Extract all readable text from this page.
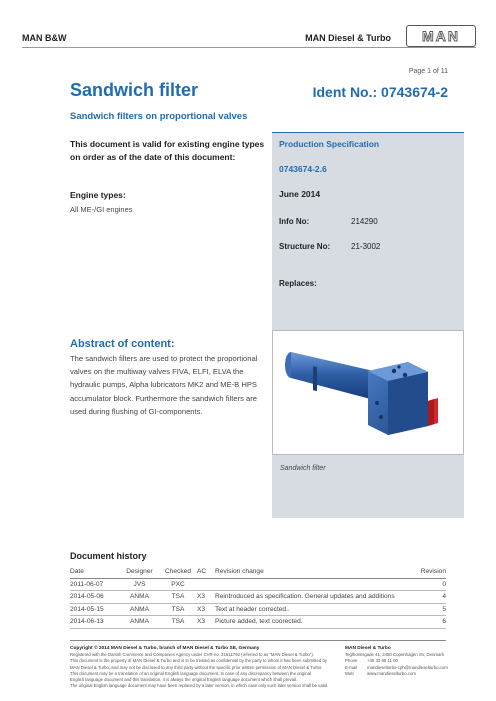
MAN B&W	MAN Diesel & Turbo MAN
Page 1 of 11
Sandwich filter	Ident No.: 0743674-2
Sandwich filters on proportional valves
This document is valid for existing engine types on order as of the date of this document:
Engine types:
All ME-/GI engines
Production Specification
0743674-2.6
June 2014
Info No:	214290
Structure No:	21-3002
Replaces:
Sandwich filter
Abstract of content:
The sandwich filters are used to protect the proportional valves on the multiway valves FIVA, ELFI, ELVA the hydraulic pumps, Alpha lubricators MK2 and ME-B HPS accumulator block. Furthermore the sandwich filters are used during flushing of GI-components.
Document history
Date	Designer	Checked	AC	Revision change	Revision
2011-06-07	JVS	PXC			0
2014-05-06	ANMA	TSA	X3	Reintroduced as specification. General updates and additions	4
2014-05-15	ANMA	TSA	X3	Text at header corrected..	5
2014-06-13	ANMA	TSA	X3	Picture added, text coorected.	6
Copyright © 2014 MAN Diesel & Turbo, branch of MAN Diesel & Turbo SE, Germany
Registered with the Danish Commerce and Companies Agency under CVR-no. 31611792 (referred to as "MAN Diesel & Turbo").
This document is the property of MAN Diesel & Turbo and is to be treated as confidential by the party to whom it has been submitted by
MAN Diesel & Turbo, and may not be disclosed to any third party without the specific prior written permission of MAN Diesel & Turbo.
This document may be a translation of an original English language document. In case of any discrepancy between the original
English language document and this translation, it is always the original English language document which shall prevail.
The original English language document may have been replaced by a later version, in which case only such later version shall be valid.
MAN Diesel & Turbo
Teglholmsgade 41, 2450 Copenhagen SV, Denmark
Phone	+45 33 85 11 00
E-mail	mandieselturbo-cph@mandieselturbo.com
Web	www.mandieselturbo.com
